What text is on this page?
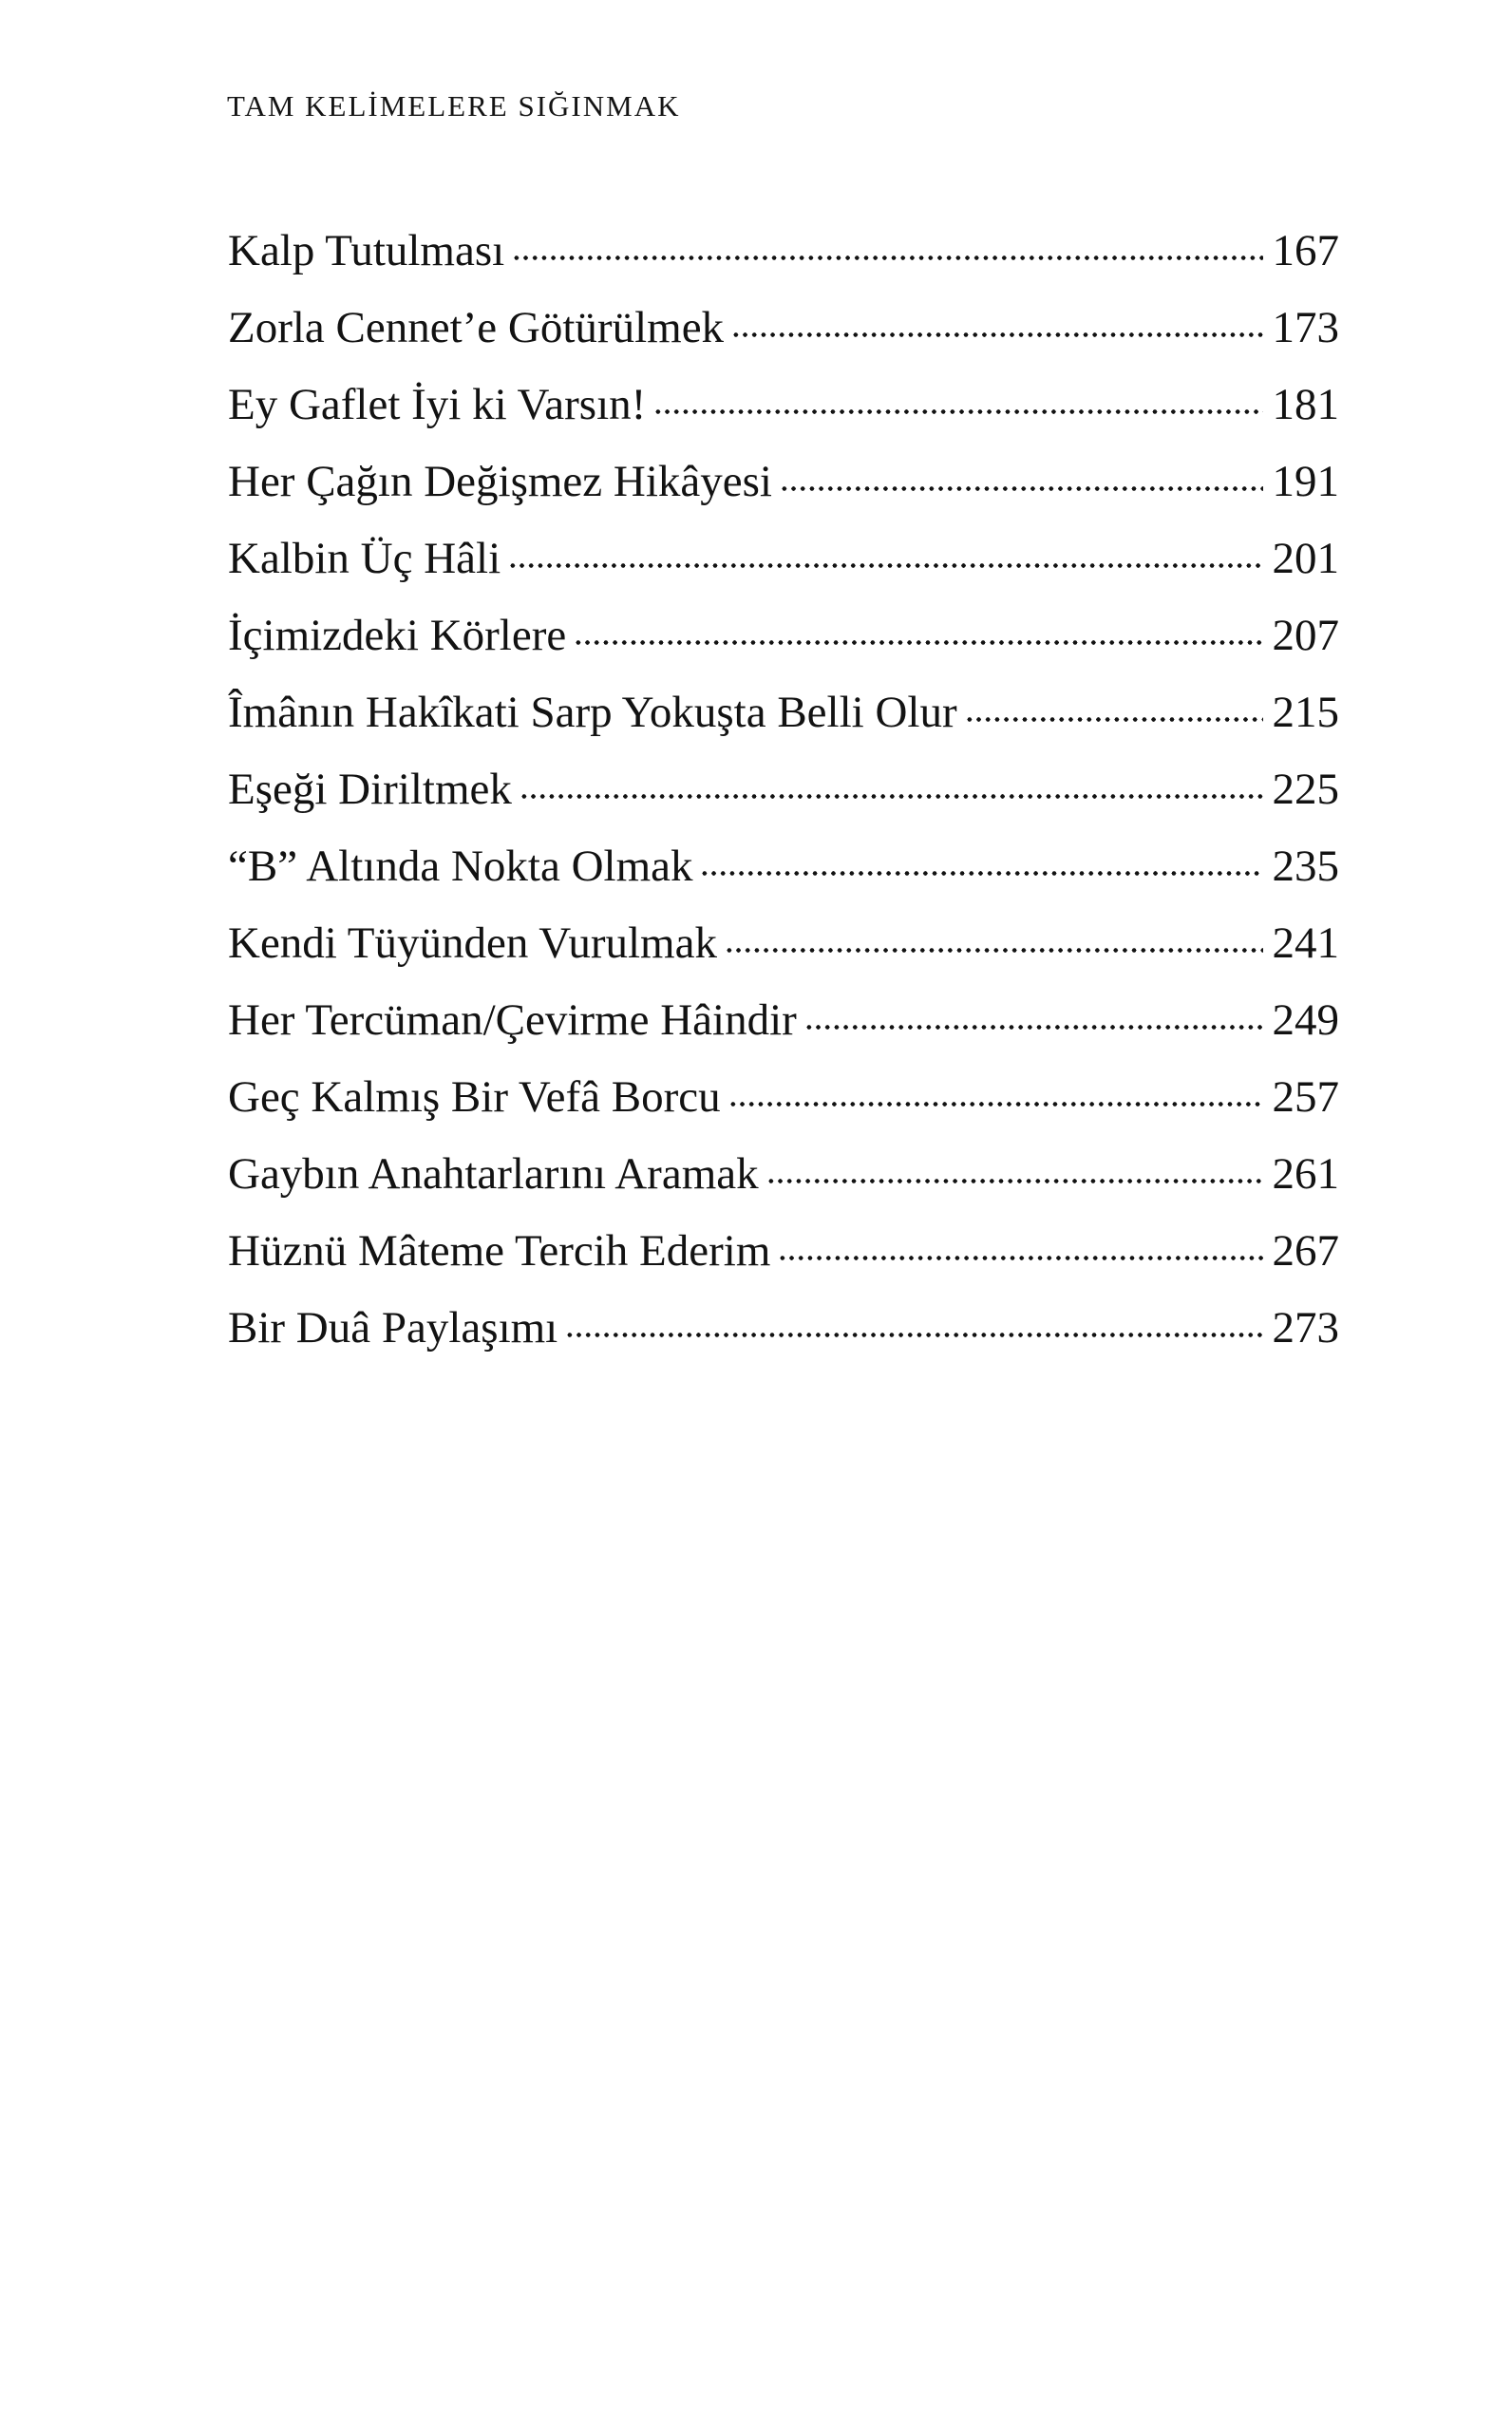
TAM KELİMELERE SIĞINMAK
Kalp Tutulması	167
Zorla Cennet’e Götürülmek	173
Ey Gaflet İyi ki Varsın!	181
Her Çağın Değişmez Hikâyesi	191
Kalbin Üç Hâli	201
İçimizdeki Körlere	207
Îmânın Hakîkati Sarp Yokuşta Belli Olur	215
Eşeği Diriltmek	225
“B” Altında Nokta Olmak	235
Kendi Tüyünden Vurulmak	241
Her Tercüman/Çevirme Hâindir	249
Geç Kalmış Bir Vefâ Borcu	257
Gaybın Anahtarlarını Aramak	261
Hüznü Mâteme Tercih Ederim	267
Bir Duâ Paylaşımı	273
